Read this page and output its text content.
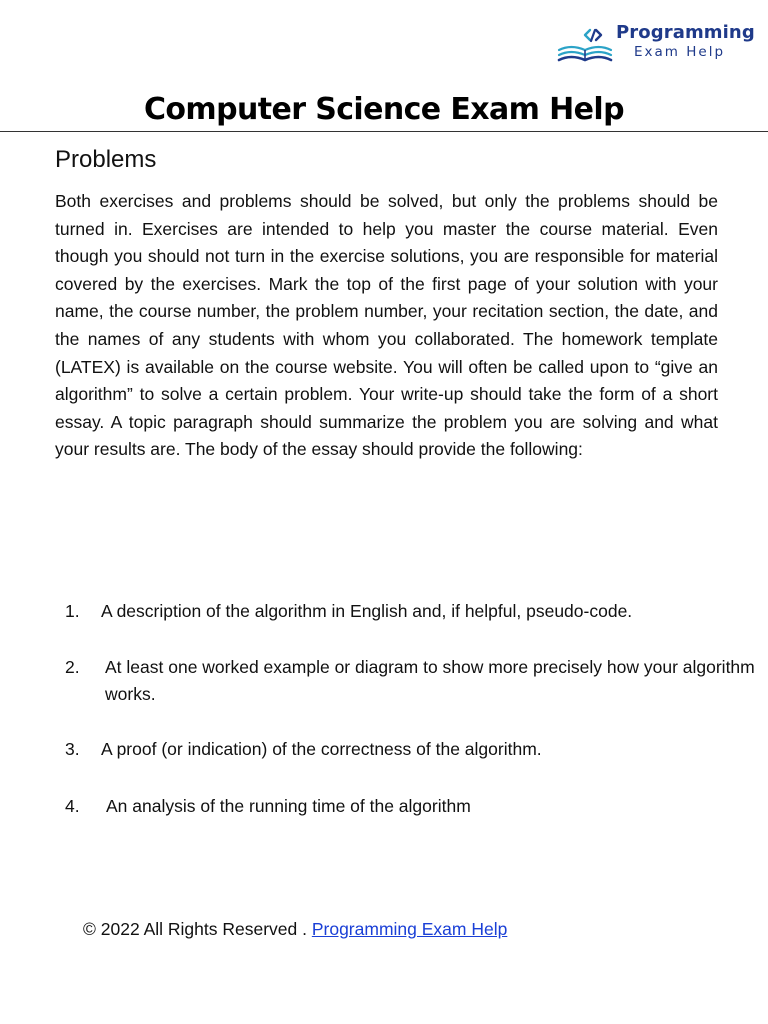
Programming
Exam Help
Computer Science Exam Help
Problems

Both exercises and problems should be solved, but only the problems should be turned in. Exercises are intended to help you master the course material. Even though you should not turn in the exercise solutions, you are responsible for material covered by the exercises. Mark the top of the first page of your solution with your name, the course number, the problem number, your recitation section, the date, and the names of any students with whom you collaborated. The homework template (LATEX) is available on the course website. You will often be called upon to “give an algorithm” to solve a certain problem. Your write-up should take the form of a short essay. A topic paragraph should summarize the problem you are solving and what your results are. The body of the essay should provide the following:

1. A description of the algorithm in English and, if helpful, pseudo-code.
2. At least one worked example or diagram to show more precisely how your algorithm works.
3. A proof (or indication) of the correctness of the algorithm.
4. An analysis of the running time of the algorithm
© 2022 All Rights Reserved . Programming Exam Help
